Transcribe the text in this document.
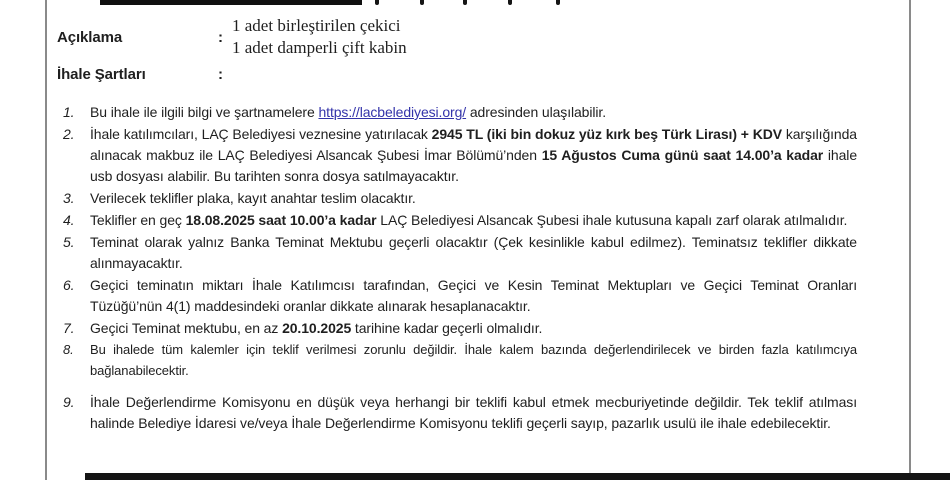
Açıklama	:
1 adet birleştirilen çekici
1 adet damperli çift kabin
İhale Şartları	:
1.	Bu ihale ile ilgili bilgi ve şartnamelere https://lacbelediyesi.org/ adresinden ulaşılabilir.
2.	İhale katılımcıları, LAÇ Belediyesi veznesine yatırılacak 2945 TL (iki bin dokuz yüz kırk beş Türk Lirası) + KDV karşılığında alınacak makbuz ile LAÇ Belediyesi Alsancak Şubesi İmar Bölümü’nden 15 Ağustos Cuma günü saat 14.00’a kadar ihale usb dosyası alabilir. Bu tarihten sonra dosya satılmayacaktır.
3.	Verilecek teklifler plaka, kayıt anahtar teslim olacaktır.
4.	Teklifler en geç 18.08.2025 saat 10.00’a kadar LAÇ Belediyesi Alsancak Şubesi ihale kutusuna kapalı zarf olarak atılmalıdır.
5.	Teminat olarak yalnız Banka Teminat Mektubu geçerli olacaktır (Çek kesinlikle kabul edilmez). Teminatsız teklifler dikkate alınmayacaktır.
6.	Geçici teminatın miktarı İhale Katılımcısı tarafından, Geçici ve Kesin Teminat Mektupları ve Geçici Teminat Oranları Tüzüğü’nün 4(1) maddesindeki oranlar dikkate alınarak hesaplanacaktır.
7.	Geçici Teminat mektubu, en az 20.10.2025 tarihine kadar geçerli olmalıdır.
8.	Bu ihalede tüm kalemler için teklif verilmesi zorunlu değildir. İhale kalem bazında değerlendirilecek ve birden fazla katılımcıya bağlanabilecektir.
9.	İhale Değerlendirme Komisyonu en düşük veya herhangi bir teklifi kabul etmek mecburiyetinde değildir. Tek teklif atılması halinde Belediye İdaresi ve/veya İhale Değerlendirme Komisyonu teklifi geçerli sayıp, pazarlık usulü ile ihale edebilecektir.
